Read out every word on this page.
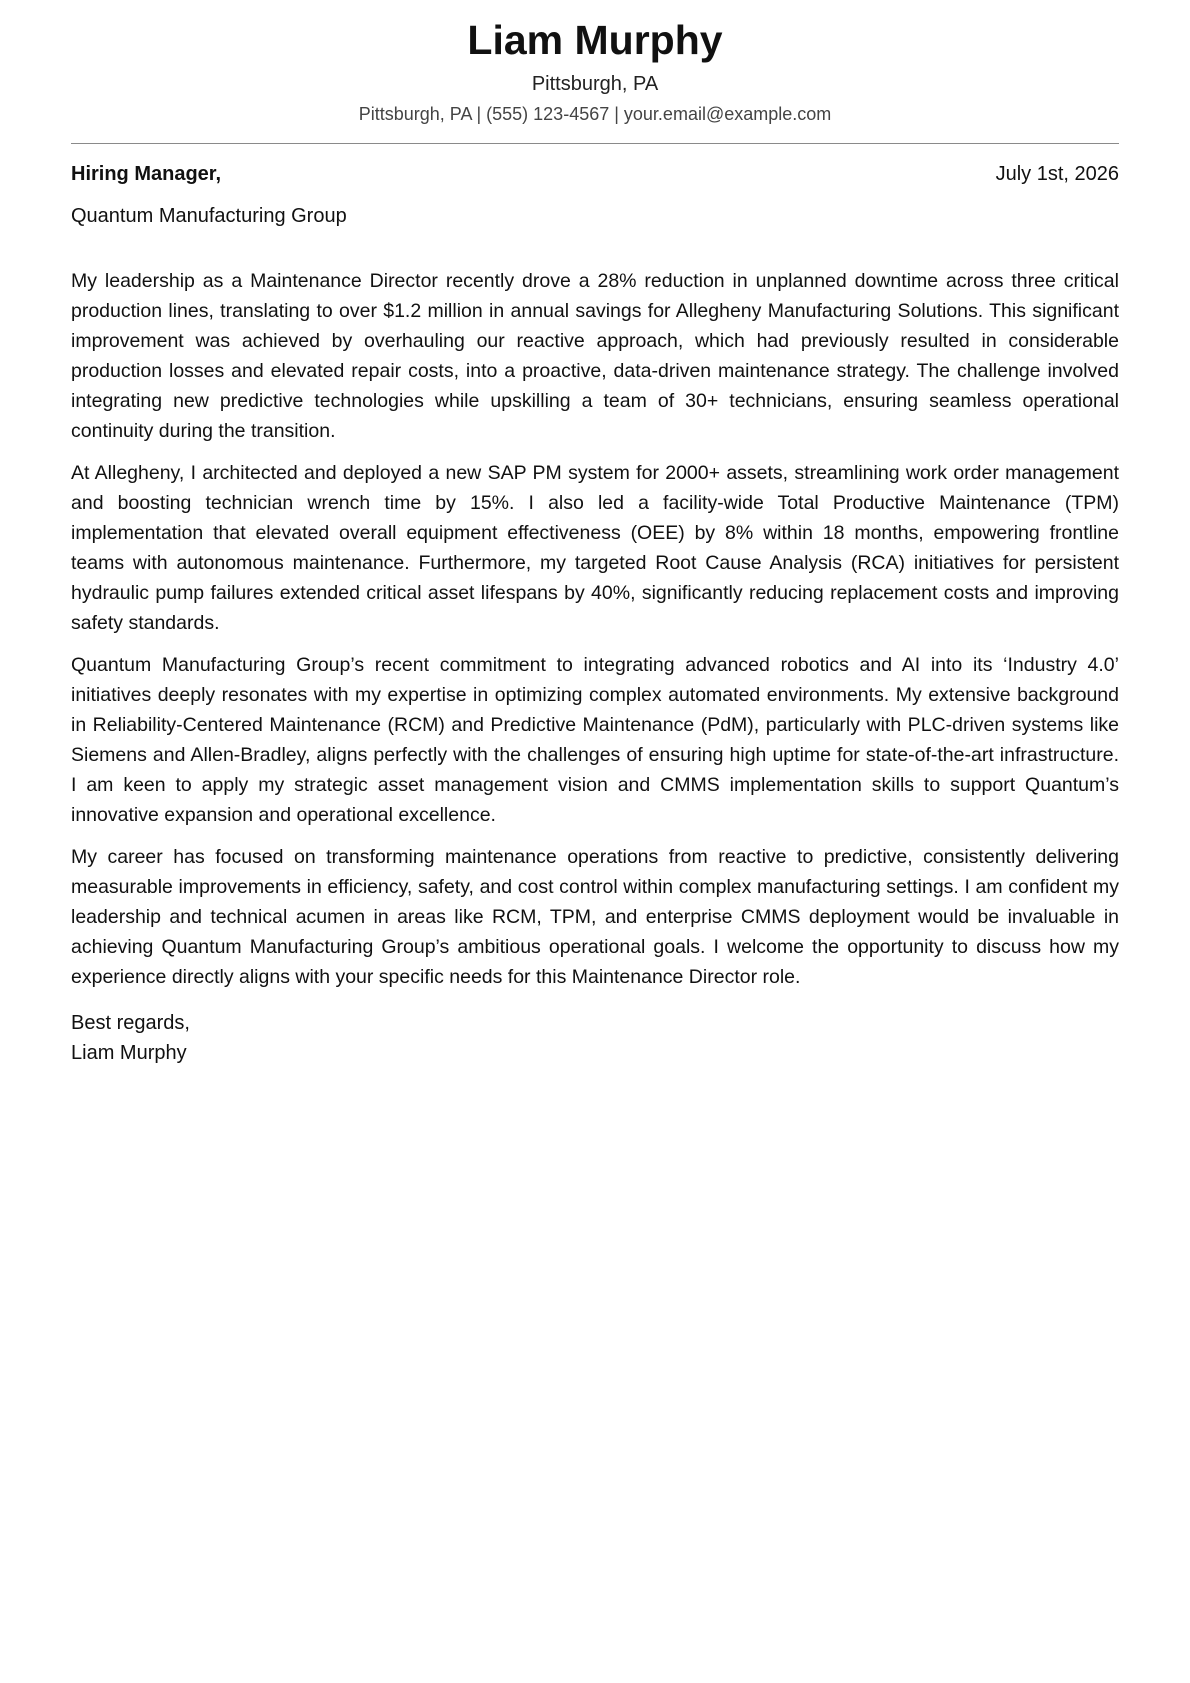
Liam Murphy
Pittsburgh, PA
Pittsburgh, PA | (555) 123-4567 | your.email@example.com
Hiring Manager,	July 1st, 2026
Quantum Manufacturing Group

My leadership as a Maintenance Director recently drove a 28% reduction in unplanned downtime across three critical production lines, translating to over $1.2 million in annual savings for Allegheny Manufacturing Solutions. This significant improvement was achieved by overhauling our reactive approach, which had previously resulted in considerable production losses and elevated repair costs, into a proactive, data-driven maintenance strategy. The challenge involved integrating new predictive technologies while upskilling a team of 30+ technicians, ensuring seamless operational continuity during the transition.

At Allegheny, I architected and deployed a new SAP PM system for 2000+ assets, streamlining work order management and boosting technician wrench time by 15%. I also led a facility-wide Total Productive Maintenance (TPM) implementation that elevated overall equipment effectiveness (OEE) by 8% within 18 months, empowering frontline teams with autonomous maintenance. Furthermore, my targeted Root Cause Analysis (RCA) initiatives for persistent hydraulic pump failures extended critical asset lifespans by 40%, significantly reducing replacement costs and improving safety standards.

Quantum Manufacturing Group’s recent commitment to integrating advanced robotics and AI into its ‘Industry 4.0’ initiatives deeply resonates with my expertise in optimizing complex automated environments. My extensive background in Reliability-Centered Maintenance (RCM) and Predictive Maintenance (PdM), particularly with PLC-driven systems like Siemens and Allen-Bradley, aligns perfectly with the challenges of ensuring high uptime for state-of-the-art infrastructure. I am keen to apply my strategic asset management vision and CMMS implementation skills to support Quantum’s innovative expansion and operational excellence.

My career has focused on transforming maintenance operations from reactive to predictive, consistently delivering measurable improvements in efficiency, safety, and cost control within complex manufacturing settings. I am confident my leadership and technical acumen in areas like RCM, TPM, and enterprise CMMS deployment would be invaluable in achieving Quantum Manufacturing Group’s ambitious operational goals. I welcome the opportunity to discuss how my experience directly aligns with your specific needs for this Maintenance Director role.

Best regards,
Liam Murphy
